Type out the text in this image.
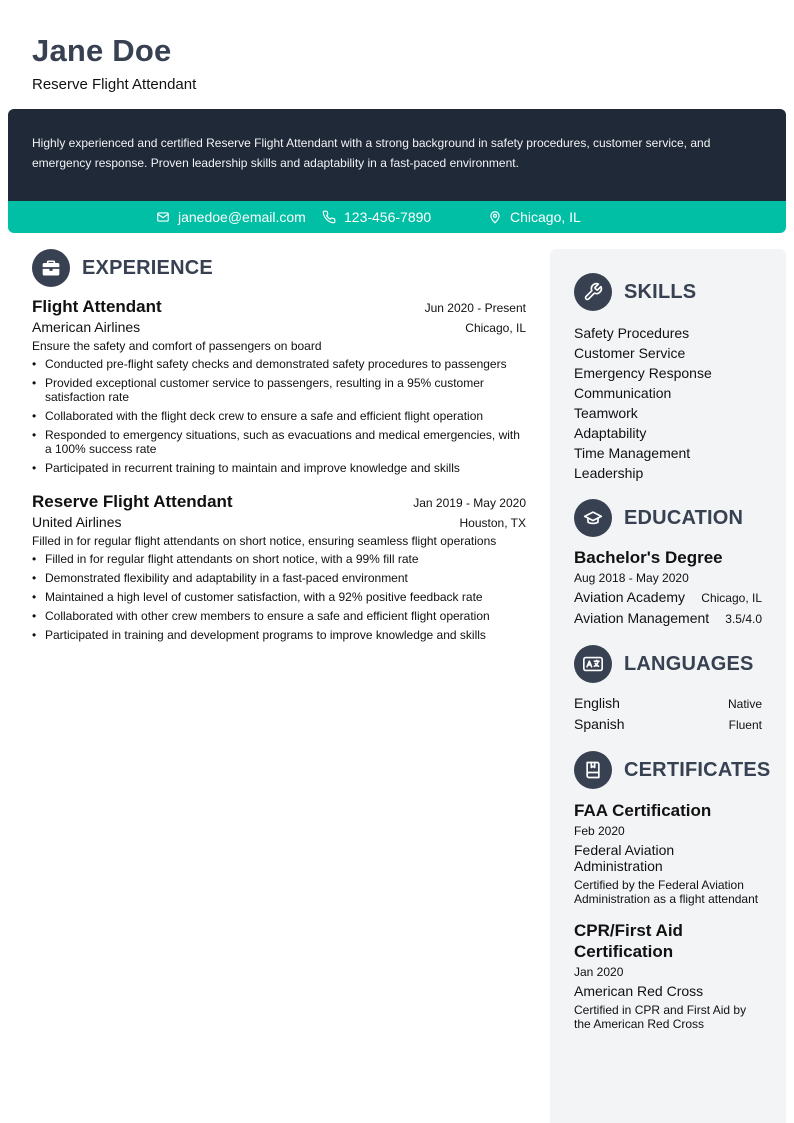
Jane Doe
Reserve Flight Attendant

Highly experienced and certified Reserve Flight Attendant with a strong background in safety procedures, customer service, and emergency response. Proven leadership skills and adaptability in a fast-paced environment.

janedoe@email.com	123-456-7890	Chicago, IL
EXPERIENCE
Flight Attendant	Jun 2020 - Present
American Airlines	Chicago, IL
Ensure the safety and comfort of passengers on board
• Conducted pre-flight safety checks and demonstrated safety procedures to passengers
• Provided exceptional customer service to passengers, resulting in a 95% customer satisfaction rate
• Collaborated with the flight deck crew to ensure a safe and efficient flight operation
• Responded to emergency situations, such as evacuations and medical emergencies, with a 100% success rate
• Participated in recurrent training to maintain and improve knowledge and skills
Reserve Flight Attendant	Jan 2019 - May 2020
United Airlines	Houston, TX
Filled in for regular flight attendants on short notice, ensuring seamless flight operations
• Filled in for regular flight attendants on short notice, with a 99% fill rate
• Demonstrated flexibility and adaptability in a fast-paced environment
• Maintained a high level of customer satisfaction, with a 92% positive feedback rate
• Collaborated with other crew members to ensure a safe and efficient flight operation
• Participated in training and development programs to improve knowledge and skills
SKILLS
Safety Procedures
Customer Service
Emergency Response
Communication
Teamwork
Adaptability
Time Management
Leadership
EDUCATION
Bachelor's Degree
Aug 2018 - May 2020
Aviation Academy Chicago, IL
Aviation Management 3.5/4.0
LANGUAGES
English	Native
Spanish	Fluent
CERTIFICATES
FAA Certification
Feb 2020
Federal Aviation Administration
Certified by the Federal Aviation Administration as a flight attendant
CPR/First Aid Certification
Jan 2020
American Red Cross
Certified in CPR and First Aid by the American Red Cross
